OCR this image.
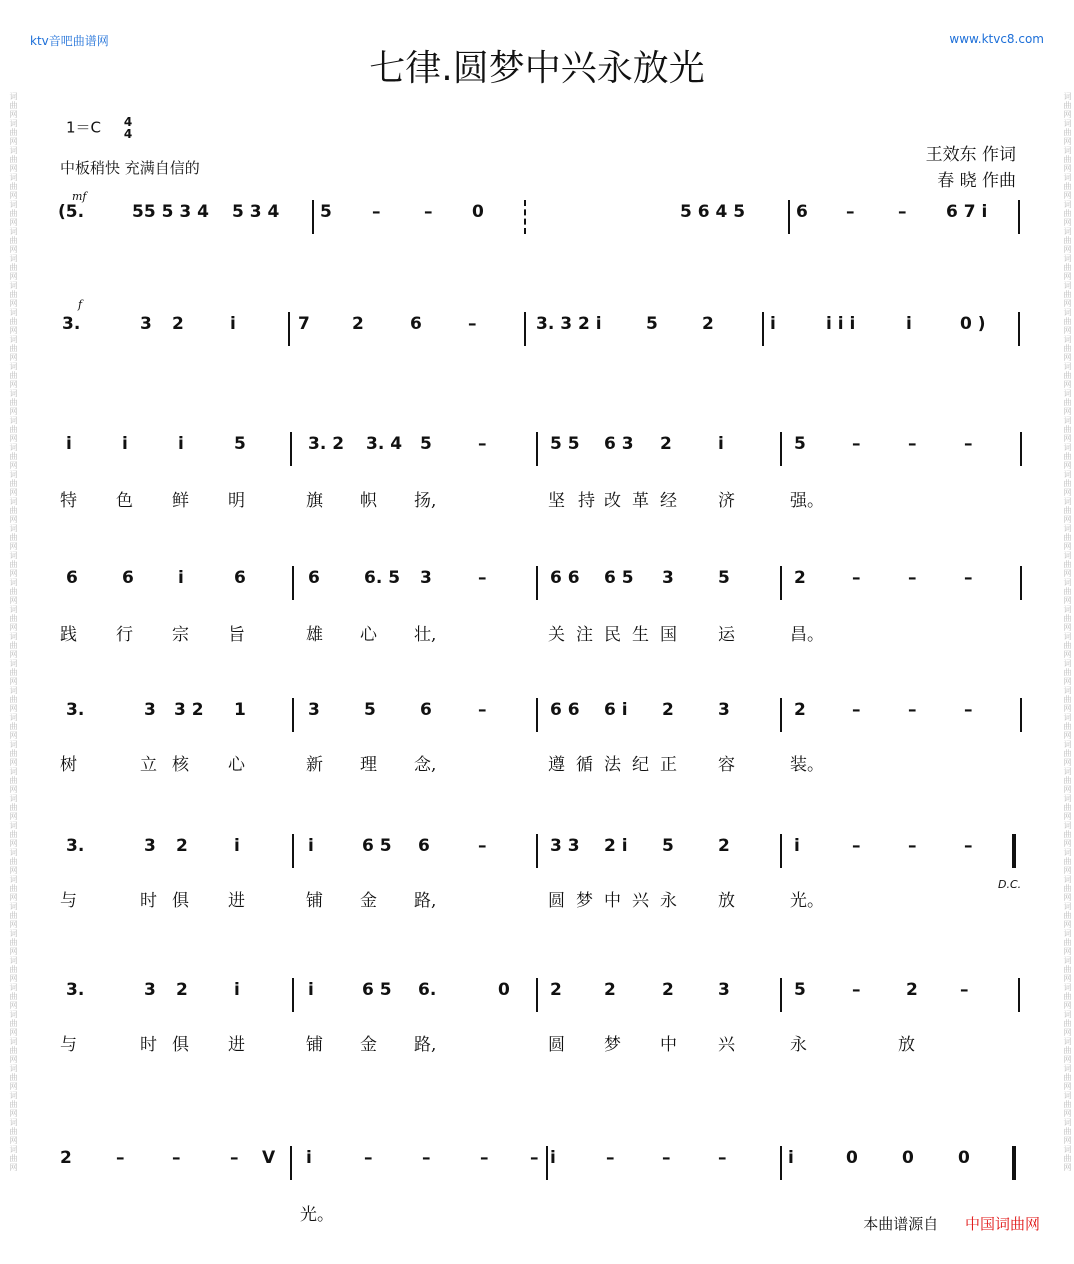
词曲网词曲网词曲网词曲网词曲网词曲网词曲网词曲网词曲网词曲网词曲网词曲网词曲网词曲网词曲网词曲网词曲网词曲网词曲网词曲网词曲网词曲网词曲网词曲网词曲网词曲网词曲网词曲网词曲网词曲网词曲网词曲网词曲网词曲网词曲网词曲网词曲网词曲网词曲网词曲网	词曲网词曲网词曲网词曲网词曲网词曲网词曲网词曲网词曲网词曲网词曲网词曲网词曲网词曲网词曲网词曲网词曲网词曲网词曲网词曲网词曲网词曲网词曲网词曲网词曲网词曲网词曲网词曲网词曲网词曲网词曲网词曲网词曲网词曲网词曲网词曲网词曲网词曲网词曲网词曲网
ktv音吧曲谱网	www.ktvc8.com
七律.圆梦中兴永放光
1＝C 4
4
中板稍快 充满自信的
王效东 作词
春 晓 作曲
mf
f
D.C.
(5.	55 5 3 4 5 3 4 5 –	– 0	5 6 4 5	6 –	– 6 7 i
3.	3 2	i	7 2	6	–	3. 3 2 i	5	2	i	i i i	i	0 )
i	i	i	5	3. 2 3. 4 5	–	5 5 6 3 2	i	5	–	–	–
特 色 鲜 明	旗 帜 扬,	坚 持 改 革 经 济	强。
6	6	i	6	6	6. 5 3	–	6 6 6 5 3	5	2	–	–	–
践 行 宗 旨	雄 心 壮,	关 注 民 生 国 运	昌。
3.	3 3 2 1	3	5	6	–	6 6 6 i 2	3	2	–	–	–
树	立 核 心	新 理 念,	遵 循 法 纪 正 容	装。
3.	3 2	i	i	6 5 6	–	3 3 2 i 5	2	i	–	–	–
与	时 俱 进	铺 金 路,	圆 梦 中 兴 永 放	光。
3.	3 2	i	i	6 5 6.	0 2 2	2	3	5	–	2 –
与	时 俱 进	铺 金 路,	圆 梦 中 兴	永	放
2	–	–	– V i	–	–	– – i	–	–	–	i	0	0	0
光。	本曲谱源自 中国词曲网
